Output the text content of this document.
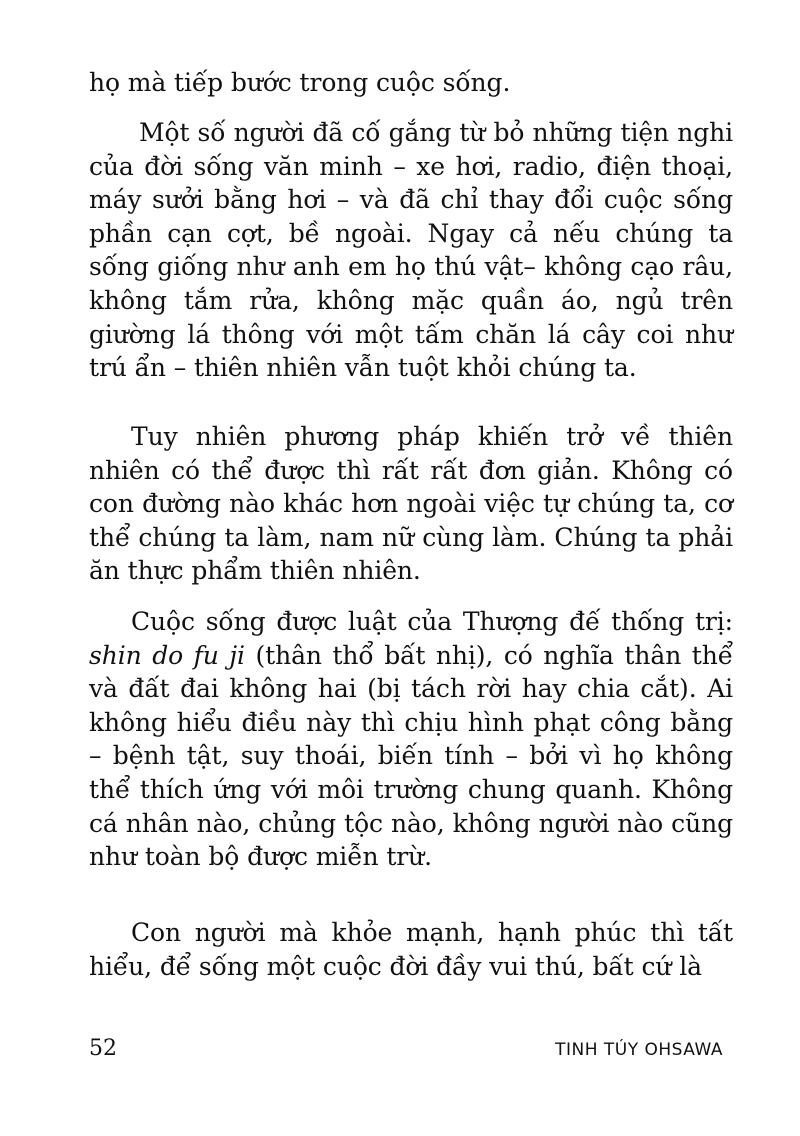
họ mà tiếp bước trong cuộc sống.

Một số người đã cố gắng từ bỏ những tiện nghi của đời sống văn minh – xe hơi, radio, điện thoại, máy sưởi bằng hơi – và đã chỉ thay đổi cuộc sống phần cạn cợt, bề ngoài. Ngay cả nếu chúng ta sống giống như anh em họ thú vật– không cạo râu, không tắm rửa, không mặc quần áo, ngủ trên giường lá thông với một tấm chăn lá cây coi như trú ẩn – thiên nhiên vẫn tuột khỏi chúng ta.

Tuy nhiên phương pháp khiến trở về thiên nhiên có thể được thì rất rất đơn giản. Không có con đường nào khác hơn ngoài việc tự chúng ta, cơ thể chúng ta làm, nam nữ cùng làm. Chúng ta phải ăn thực phẩm thiên nhiên.

Cuộc sống được luật của Thượng đế thống trị: shin do fu ji (thân thổ bất nhị), có nghĩa thân thể và đất đai không hai (bị tách rời hay chia cắt). Ai không hiểu điều này thì chịu hình phạt công bằng – bệnh tật, suy thoái, biến tính – bởi vì họ không thể thích ứng với môi trường chung quanh. Không cá nhân nào, chủng tộc nào, không người nào cũng như toàn bộ được miễn trừ.

Con người mà khỏe mạnh, hạnh phúc thì tất hiểu, để sống một cuộc đời đầy vui thú, bất cứ là

52	TINH TÚY OHSAWA
